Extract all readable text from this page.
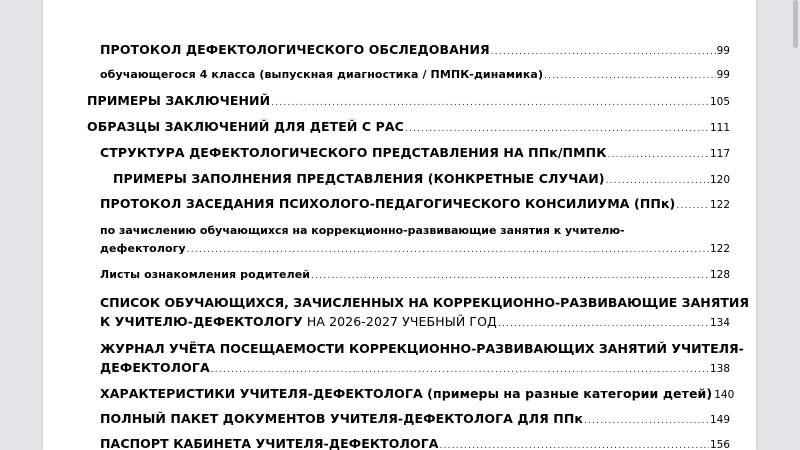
ПРОТОКОЛ ДЕФЕКТОЛОГИЧЕСКОГО ОБСЛЕДОВАНИЯ .....	99
обучающегося 4 класса (выпускная диагностика / ПМПК-динамика) .....	99
ПРИМЕРЫ ЗАКЛЮЧЕНИЙ .....	105
ОБРАЗЦЫ ЗАКЛЮЧЕНИЙ ДЛЯ ДЕТЕЙ С РАС .....	111
СТРУКТУРА ДЕФЕКТОЛОГИЧЕСКОГО ПРЕДСТАВЛЕНИЯ НА ППк/ПМПК .....	117
ПРИМЕРЫ ЗАПОЛНЕНИЯ ПРЕДСТАВЛЕНИЯ (КОНКРЕТНЫЕ СЛУЧАИ) .....	120
ПРОТОКОЛ ЗАСЕДАНИЯ ПСИХОЛОГО-ПЕДАГОГИЧЕСКОГО КОНСИЛИУМА (ППк) .....	122
по зачислению обучающихся на коррекционно-развивающие занятия к учителю-
дефектологу .....	122
Листы ознакомления родителей .....	128
СПИСОК ОБУЧАЮЩИХСЯ, ЗАЧИСЛЕННЫХ НА КОРРЕКЦИОННО-РАЗВИВАЮЩИЕ ЗАНЯТИЯ
К УЧИТЕЛЮ-ДЕФЕКТОЛОГУ НА 2026-2027 УЧЕБНЫЙ ГОД .....	134
ЖУРНАЛ УЧЁТА ПОСЕЩАЕМОСТИ КОРРЕКЦИОННО-РАЗВИВАЮЩИХ ЗАНЯТИЙ УЧИТЕЛЯ-
ДЕФЕКТОЛОГА .....	138
ХАРАКТЕРИСТИКИ УЧИТЕЛЯ-ДЕФЕКТОЛОГА (примеры на разные категории детей) 140
ПОЛНЫЙ ПАКЕТ ДОКУМЕНТОВ УЧИТЕЛЯ-ДЕФЕКТОЛОГА ДЛЯ ППк .....	149
ПАСПОРТ КАБИНЕТА УЧИТЕЛЯ-ДЕФЕКТОЛОГА .....	156
